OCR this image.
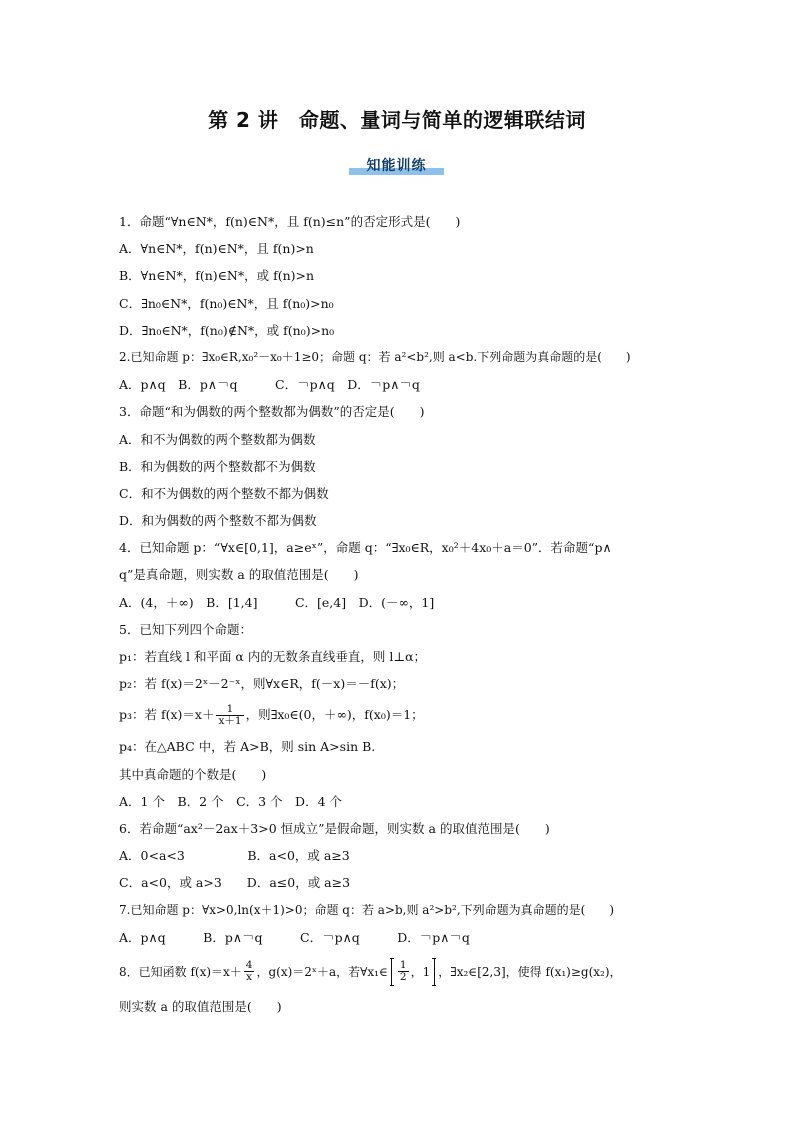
第 2 讲　命题、量词与简单的逻辑联结词
知能训练
1．命题“∀n∈N*，f(n)∈N*，且 f(n)≤n”的否定形式是(　　)
A．∀n∈N*，f(n)∈N*，且 f(n)>n
B．∀n∈N*，f(n)∈N*，或 f(n)>n
C．∃n₀∈N*，f(n₀)∈N*，且 f(n₀)>n₀
D．∃n₀∈N*，f(n₀)∉N*，或 f(n₀)>n₀
2.已知命题 p：∃x₀∈R,x₀²－x₀＋1≥0；命题 q：若 a²<b²,则 a<b.下列命题为真命题的是(　　)
A．p∧q　B．p∧￢q　　　C．￢p∧q　D．￢p∧￢q
3．命题“和为偶数的两个整数都为偶数”的否定是(　　)
A．和不为偶数的两个整数都为偶数
B．和为偶数的两个整数都不为偶数
C．和不为偶数的两个整数不都为偶数
D．和为偶数的两个整数不都为偶数
4．已知命题 p：“∀x∈[0,1]，a≥eˣ”，命题 q：“∃x₀∈R，x₀²＋4x₀＋a＝0”．若命题“p∧
q”是真命题，则实数 a 的取值范围是(　　)
A．(4，＋∞)　B．[1,4]　　　C．[e,4]　D．(－∞，1]
5．已知下列四个命题：
p₁：若直线 l 和平面 α 内的无数条直线垂直，则 l⊥α；
p₂：若 f(x)＝2ˣ－2⁻ˣ，则∀x∈R，f(－x)＝－f(x)；
p₃：若 $f(x)=x+ \frac{1}{x+1}$ ，则∃x₀∈(0，＋∞)，f(x₀)＝1；
p₄：在△ABC 中，若 A>B，则 sin A>sin B.
其中真命题的个数是(　　)
A．1 个　B．2 个　C．3 个　D．4 个
6．若命题“ax²－2ax＋3>0 恒成立”是假命题，则实数 a 的取值范围是(　　)
A．0<a<3　　　　　B．a<0，或 a≥3
C．a<0，或 a>3　　D．a≤0，或 a≥3
7.已知命题 p：∀x>0,ln(x＋1)>0；命题 q：若 a>b,则 a²>b²,下列命题为真命题的是(　　)
A．p∧q　　　B．p∧￢q　　　C．￢p∧q　　　D．￢p∧￢q
8．已知函数 $f(x)=x+ \frac{4}{x}$ ，g(x)＝2ˣ＋a，若∀x₁∈ $\frac{1}{2}$ ，1 ，∃x₂∈[2,3]，使得 f(x₁)≥g(x₂)，
则实数 a 的取值范围是(　　)
